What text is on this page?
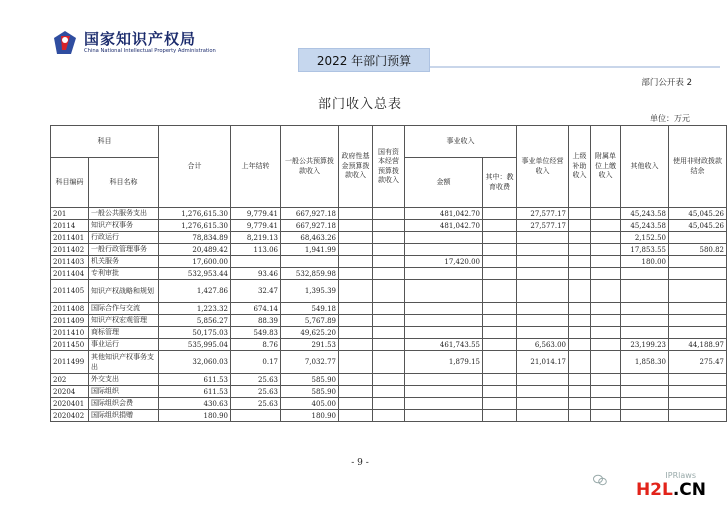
国家知识产权局
China National Intellectual Property Administration
2022 年部门预算
部门公开表 2
部门收入总表
单位：万元
科目		合计	上年结转	一般公共预算拨款收入	政府性基金预算拨款收入	国有资本经营预算拨款收入	事业收入		事业单位经营收入	上级补助收入	附属单位上缴收入	其他收入	使用非财政拨款结余
科目编码	科目名称						金额	其中：教育收费					
201	一般公共服务支出	1,276,615.30	9,779.41	667,927.18			481,042.70		27,577.17			45,243.58	45,045.26
20114	知识产权事务	1,276,615.30	9,779.41	667,927.18			481,042.70		27,577.17			45,243.58	45,045.26
2011401	行政运行	78,834.89	8,219.13	68,463.26								2,152.50	
2011402	一般行政管理事务	20,489.42	113.06	1,941.99								17,853.55	580.82
2011403	机关服务	17,600.00					17,420.00					180.00	
2011404	专利审批	532,953.44	93.46	532,859.98									
2011405	知识产权战略和规划	1,427.86	32.47	1,395.39									
2011408	国际合作与交流	1,223.32	674.14	549.18									
2011409	知识产权宏观管理	5,856.27	88.39	5,767.89									
2011410	商标管理	50,175.03	549.83	49,625.20									
2011450	事业运行	535,995.04	8.76	291.53			461,743.55		6,563.00			23,199.23	44,188.97
2011499	其他知识产权事务支出	32,060.03	0.17	7,032.77			1,879.15		21,014.17			1,858.30	275.47
202	外交支出	611.53	25.63	585.90									
20204	国际组织	611.53	25.63	585.90									
2020401	国际组织会费	430.63	25.63	405.00									
2020402	国际组织捐赠	180.90		180.90									
- 9 -
IPRlaws
H2L.CN
